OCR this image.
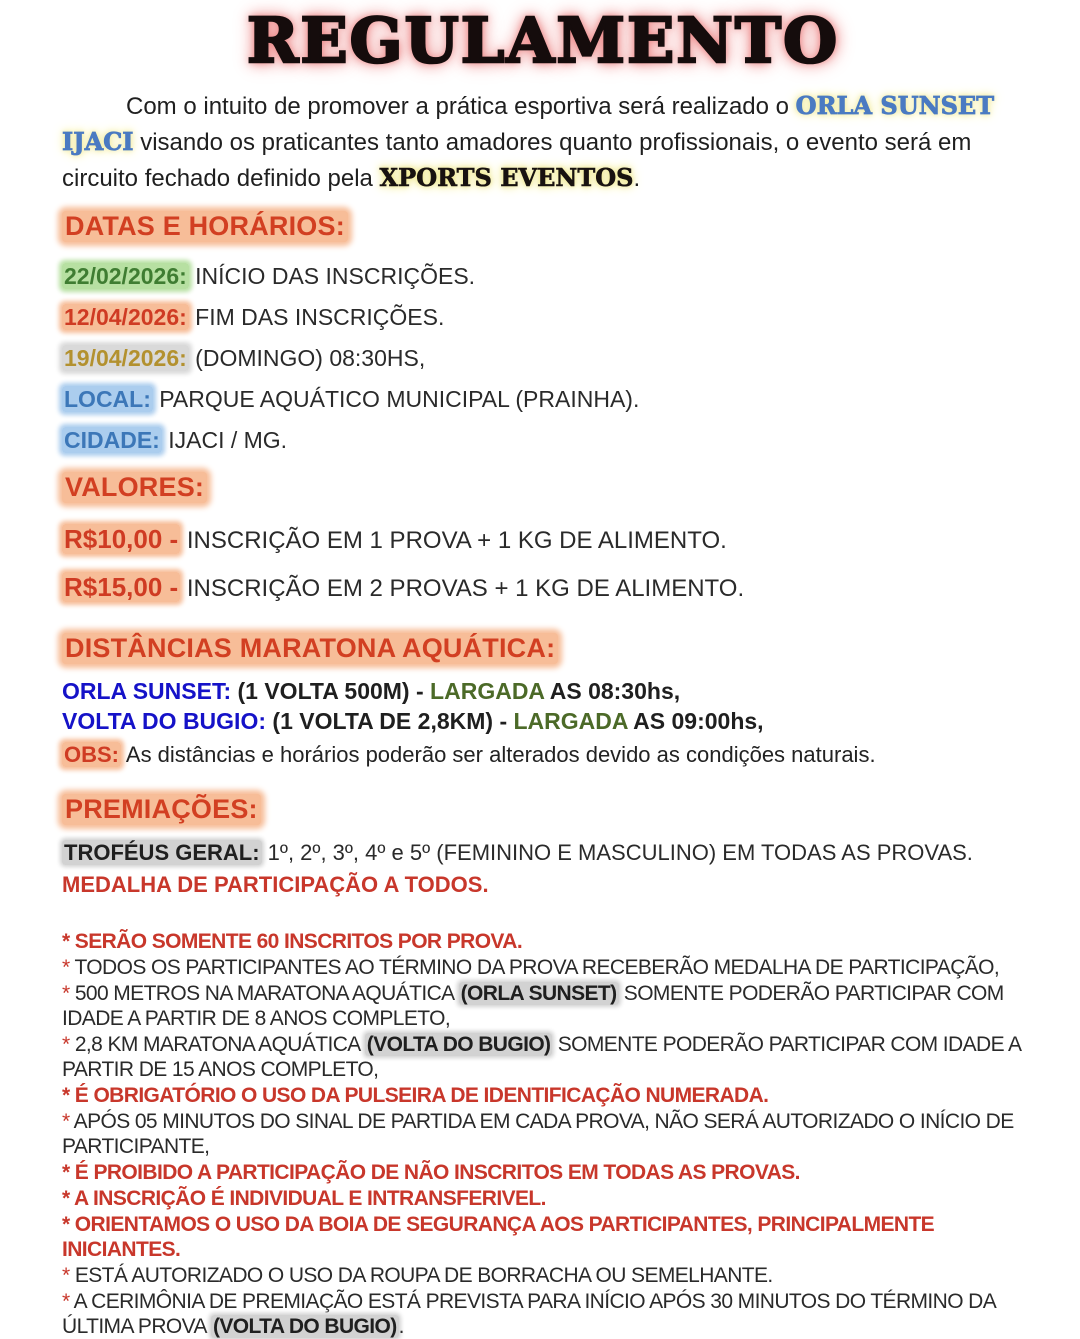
REGULAMENTO

Com o intuito de promover a prática esportiva será realizado o ORLA SUNSET IJACI visando os praticantes tanto amadores quanto profissionais, o evento será em circuito fechado definido pela XPORTS EVENTOS.

DATAS E HORÁRIOS:

22/02/2026: INÍCIO DAS INSCRIÇÕES.

12/04/2026: FIM DAS INSCRIÇÕES.

19/04/2026: (DOMINGO) 08:30HS,

LOCAL: PARQUE AQUÁTICO MUNICIPAL (PRAINHA).

CIDADE: IJACI / MG.

VALORES:

R$10,00 - INSCRIÇÃO EM 1 PROVA + 1 KG DE ALIMENTO.

R$15,00 - INSCRIÇÃO EM 2 PROVAS + 1 KG DE ALIMENTO.

DISTÂNCIAS MARATONA AQUÁTICA:

ORLA SUNSET: (1 VOLTA 500M) - LARGADA AS 08:30hs,

VOLTA DO BUGIO: (1 VOLTA DE 2,8KM) - LARGADA AS 09:00hs,

OBS: As distâncias e horários poderão ser alterados devido as condições naturais.

PREMIAÇÕES:

TROFÉUS GERAL: 1º, 2º, 3º, 4º e 5º (FEMININO E MASCULINO) EM TODAS AS PROVAS.

MEDALHA DE PARTICIPAÇÃO A TODOS.

* SERÃO SOMENTE 60 INSCRITOS POR PROVA.

* TODOS OS PARTICIPANTES AO TÉRMINO DA PROVA RECEBERÃO MEDALHA DE PARTICIPAÇÃO,

* 500 METROS NA MARATONA AQUÁTICA (ORLA SUNSET) SOMENTE PODERÃO PARTICIPAR COM IDADE A PARTIR DE 8 ANOS COMPLETO,

* 2,8 KM MARATONA AQUÁTICA (VOLTA DO BUGIO) SOMENTE PODERÃO PARTICIPAR COM IDADE A PARTIR DE 15 ANOS COMPLETO,

* É OBRIGATÓRIO O USO DA PULSEIRA DE IDENTIFICAÇÃO NUMERADA.

* APÓS 05 MINUTOS DO SINAL DE PARTIDA EM CADA PROVA, NÃO SERÁ AUTORIZADO O INÍCIO DE PARTICIPANTE,

* É PROIBIDO A PARTICIPAÇÃO DE NÃO INSCRITOS EM TODAS AS PROVAS.

* A INSCRIÇÃO É INDIVIDUAL E INTRANSFERIVEL.

* ORIENTAMOS O USO DA BOIA DE SEGURANÇA AOS PARTICIPANTES, PRINCIPALMENTE INICIANTES.

* ESTÁ AUTORIZADO O USO DA ROUPA DE BORRACHA OU SEMELHANTE.

* A CERIMÔNIA DE PREMIAÇÃO ESTÁ PREVISTA PARA INÍCIO APÓS 30 MINUTOS DO TÉRMINO DA ÚLTIMA PROVA (VOLTA DO BUGIO).
